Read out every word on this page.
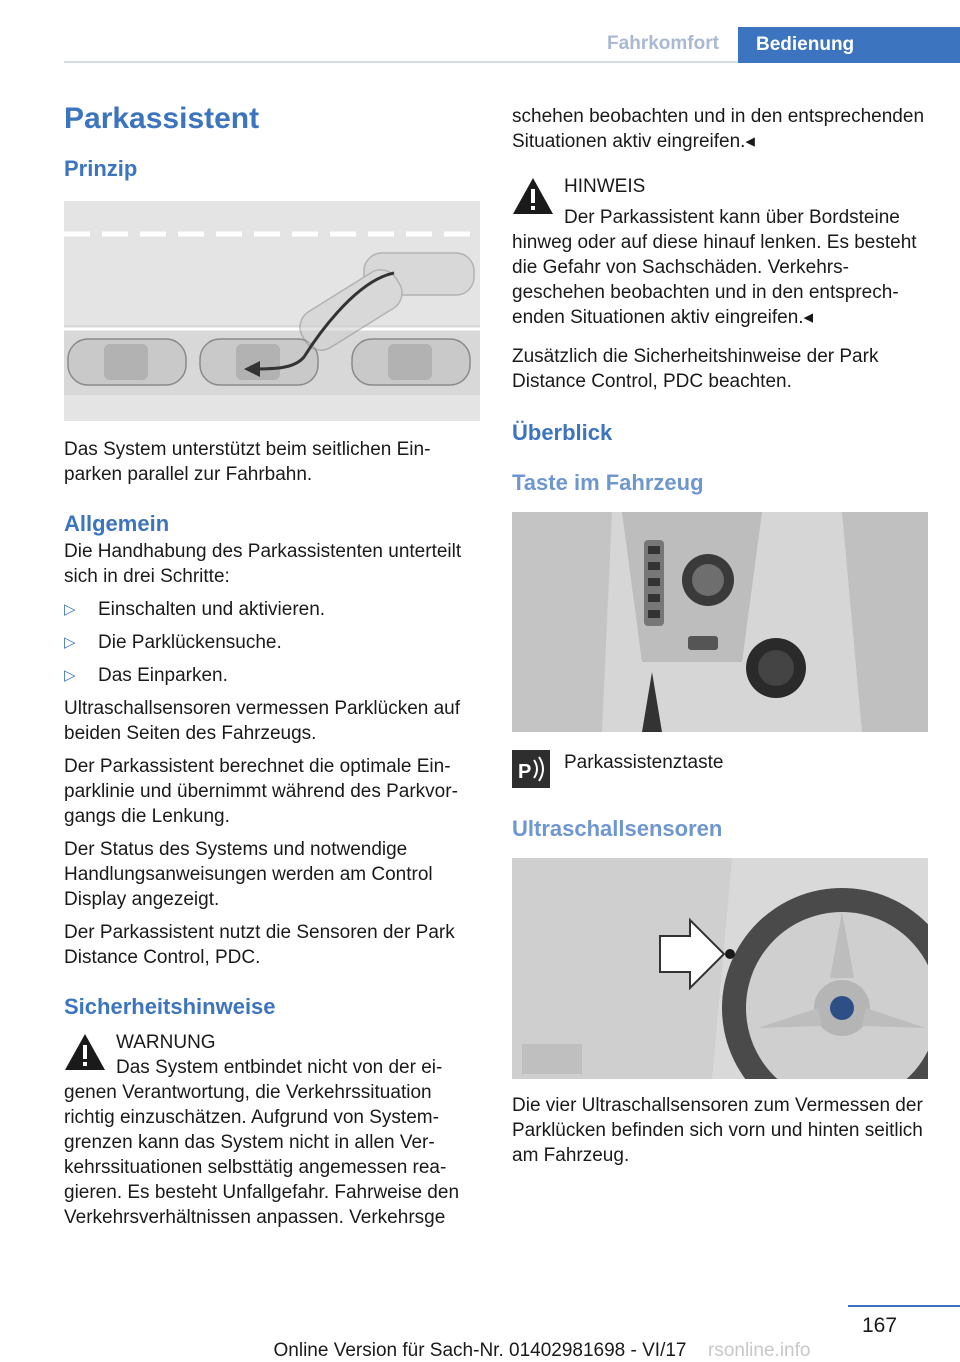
Fahrkomfort	Bedienung
Parkassistent
Prinzip

Das System unterstützt beim seitlichen Einparken parallel zur Fahrbahn.

Allgemein

Die Handhabung des Parkassistenten unterteilt sich in drei Schritte:

▷ Einschalten und aktivieren.
▷ Die Parklückensuche.
▷ Das Einparken.

Ultraschallsensoren vermessen Parklücken auf beiden Seiten des Fahrzeugs.

Der Parkassistent berechnet die optimale Einparklinie und übernimmt während des Parkvorgangs die Lenkung.

Der Status des Systems und notwendige Handlungsanweisungen werden am Control Display angezeigt.

Der Parkassistent nutzt die Sensoren der Park Distance Control, PDC.

Sicherheitshinweise

WARNUNG

Das System entbindet nicht von der eigenen Verantwortung, die Verkehrssituation richtig einzuschätzen. Aufgrund von Systemgrenzen kann das System nicht in allen Verkehrssituationen selbsttätig angemessen reagieren. Es besteht Unfallgefahr. Fahrweise den Verkehrsverhältnissen anpassen. Verkehrsge

schehen beobachten und in den entsprechenden Situationen aktiv eingreifen.◂

HINWEIS

Der Parkassistent kann über Bordsteine hinweg oder auf diese hinauf lenken. Es besteht die Gefahr von Sachschäden. Verkehrsgeschehen beobachten und in den entsprechenden Situationen aktiv eingreifen.◂

Zusätzlich die Sicherheitshinweise der Park Distance Control, PDC beachten.

Überblick
Taste im Fahrzeug
P Parkassistenztaste

Ultraschallsensoren

Die vier Ultraschallsensoren zum Vermessen der Parklücken befinden sich vorn und hinten seitlich am Fahrzeug.

167
Online Version für Sach-Nr. 01402981698 - VI/17	rsonline.info
